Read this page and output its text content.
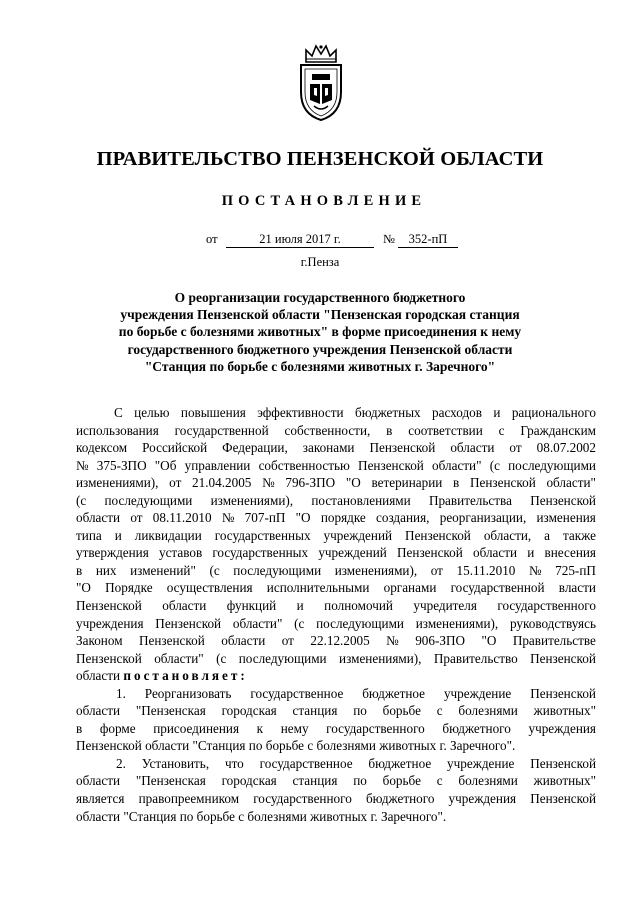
ПРАВИТЕЛЬСТВО ПЕНЗЕНСКОЙ ОБЛАСТИ
ПОСТАНОВЛЕНИЕ
от	21 июля 2017 г.	№	352-пП
г.Пенза
О реорганизации государственного бюджетного
учреждения Пензенской области "Пензенская городская станция
по борьбе с болезнями животных" в форме присоединения к нему
государственного бюджетного учреждения Пензенской области
"Станция по борьбе с болезнями животных г. Заречного"
С целью повышения эффективности бюджетных расходов и рационального
использования государственной собственности, в соответствии с Гражданским
кодексом Российской Федерации, законами Пензенской области от 08.07.2002
№ 375-ЗПО "Об управлении собственностью Пензенской области" (с последующими
изменениями), от 21.04.2005 № 796-ЗПО "О ветеринарии в Пензенской области"
(с последующими изменениями), постановлениями Правительства Пензенской
области от 08.11.2010 № 707-пП "О порядке создания, реорганизации, изменения
типа и ликвидации государственных учреждений Пензенской области, а также
утверждения уставов государственных учреждений Пензенской области и внесения
в них изменений" (с последующими изменениями), от 15.11.2010 № 725-пП
"О Порядке осуществления исполнительными органами государственной власти
Пензенской области функций и полномочий учредителя государственного
учреждения Пензенской области" (с последующими изменениями), руководствуясь
Законом Пензенской области от 22.12.2005 № 906-ЗПО "О Правительстве
Пензенской области" (с последующими изменениями), Правительство Пензенской
области постановляет:
1. Реорганизовать государственное бюджетное учреждение Пензенской
области "Пензенская городская станция по борьбе с болезнями животных"
в форме присоединения к нему государственного бюджетного учреждения
Пензенской области "Станция по борьбе с болезнями животных г. Заречного".
2. Установить, что государственное бюджетное учреждение Пензенской
области "Пензенская городская станция по борьбе с болезнями животных"
является правопреемником государственного бюджетного учреждения Пензенской
области "Станция по борьбе с болезнями животных г. Заречного".
